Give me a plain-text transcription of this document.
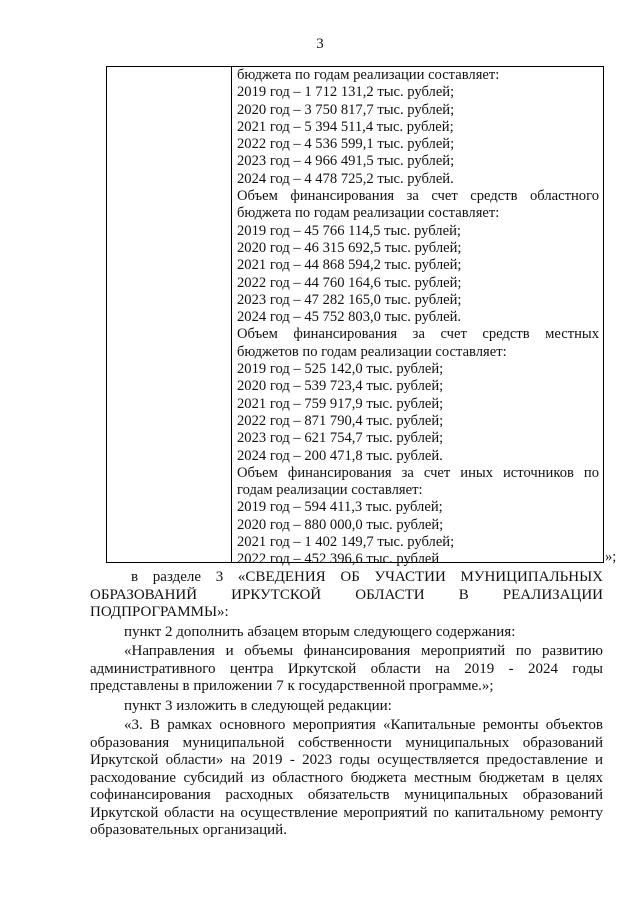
3
бюджета по годам реализации составляет:
2019 год – 1 712 131,2 тыс. рублей;
2020 год – 3 750 817,7 тыс. рублей;
2021 год – 5 394 511,4 тыс. рублей;
2022 год – 4 536 599,1 тыс. рублей;
2023 год – 4 966 491,5 тыс. рублей;
2024 год – 4 478 725,2 тыс. рублей.
Объем финансирования за счет средств областного
бюджета по годам реализации составляет:
2019 год – 45 766 114,5 тыс. рублей;
2020 год – 46 315 692,5 тыс. рублей;
2021 год – 44 868 594,2 тыс. рублей;
2022 год – 44 760 164,6 тыс. рублей;
2023 год – 47 282 165,0 тыс. рублей;
2024 год – 45 752 803,0 тыс. рублей.
Объем финансирования за счет средств местных
бюджетов по годам реализации составляет:
2019 год – 525 142,0 тыс. рублей;
2020 год – 539 723,4 тыс. рублей;
2021 год – 759 917,9 тыс. рублей;
2022 год – 871 790,4 тыс. рублей;
2023 год – 621 754,7 тыс. рублей;
2024 год – 200 471,8 тыс. рублей.
Объем финансирования за счет иных источников по
годам реализации составляет:
2019 год – 594 411,3 тыс. рублей;
2020 год – 880 000,0 тыс. рублей;
2021 год – 1 402 149,7 тыс. рублей;
2022 год – 452 396,6 тыс. рублей	»;
в разделе 3 «СВЕДЕНИЯ ОБ УЧАСТИИ МУНИЦИПАЛЬНЫХ
ОБРАЗОВАНИЙ ИРКУТСКОЙ ОБЛАСТИ В РЕАЛИЗАЦИИ
ПОДПРОГРАММЫ»:
пункт 2 дополнить абзацем вторым следующего содержания:
«Направления и объемы финансирования мероприятий по развитию
административного центра Иркутской области на 2019 - 2024 годы
представлены в приложении 7 к государственной программе.»;
пункт 3 изложить в следующей редакции:
«3. В рамках основного мероприятия «Капитальные ремонты объектов
образования муниципальной собственности муниципальных образований
Иркутской области» на 2019 - 2023 годы осуществляется предоставление и
расходование субсидий из областного бюджета местным бюджетам в целях
софинансирования расходных обязательств муниципальных образований
Иркутской области на осуществление мероприятий по капитальному ремонту
образовательных организаций.
